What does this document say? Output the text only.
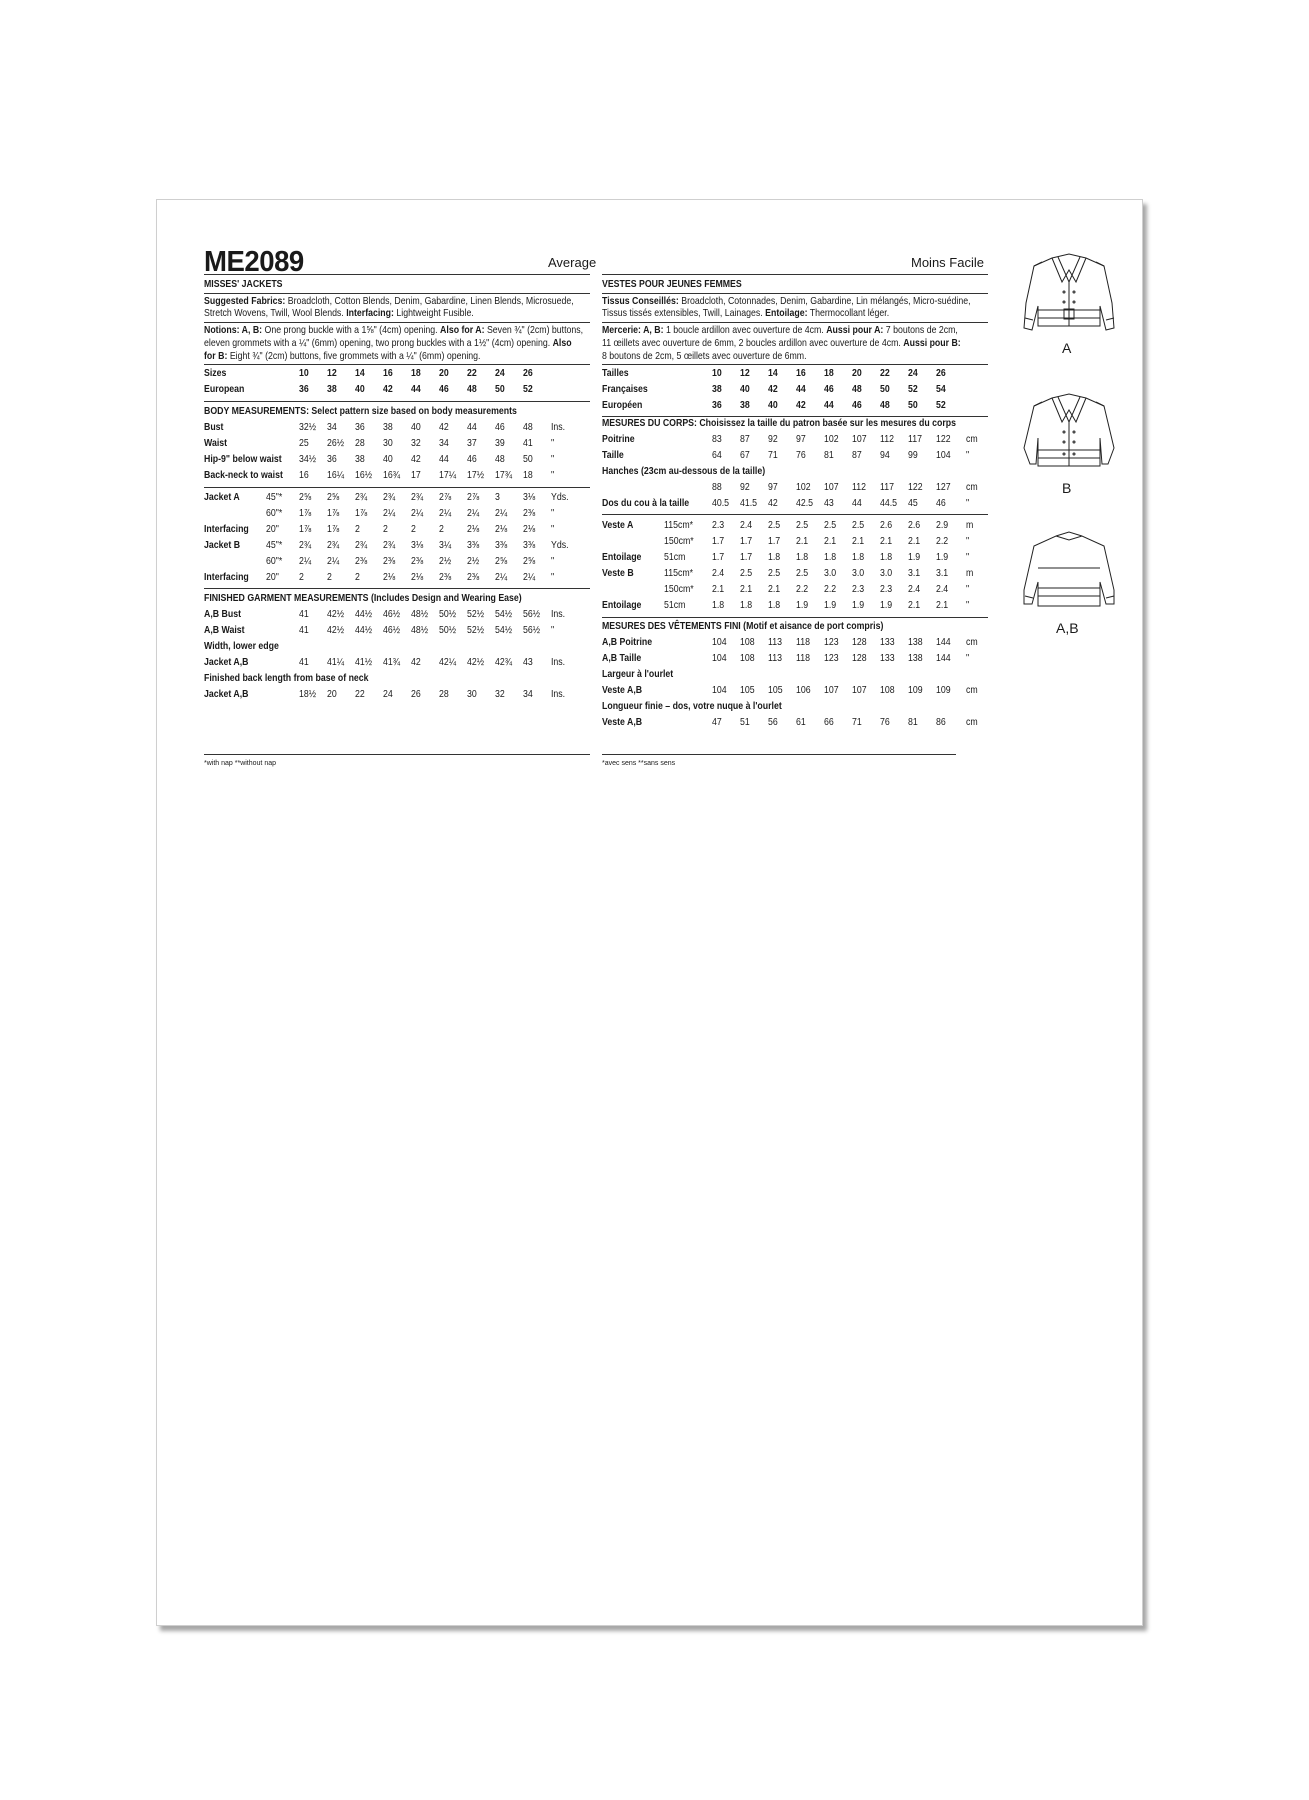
ME2089	Average	Moins Facile
MISSES' JACKETS
Suggested Fabrics: Broadcloth, Cotton Blends, Denim, Gabardine, Linen Blends, Microsuede,
Stretch Wovens, Twill, Wool Blends. Interfacing: Lightweight Fusible.
Notions: A, B: One prong buckle with a 1⅝" (4cm) opening. Also for A: Seven ¾" (2cm) buttons,
eleven grommets with a ¼" (6mm) opening, two prong buckles with a 1½" (4cm) opening. Also
for B: Eight ¾" (2cm) buttons, five grommets with a ¼" (6mm) opening.
VESTES POUR JEUNES FEMMES
Tissus Conseillés: Broadcloth, Cotonnades, Denim, Gabardine, Lin mélangés, Micro-suédine,
Tissus tissés extensibles, Twill, Lainages. Entoilage: Thermocollant léger.
Mercerie: A, B: 1 boucle ardillon avec ouverture de 4cm. Aussi pour A: 7 boutons de 2cm,
11 œillets avec ouverture de 6mm, 2 boucles ardillon avec ouverture de 4cm. Aussi pour B:
8 boutons de 2cm, 5 œillets avec ouverture de 6mm.
*with nap **without nap	*avec sens **sans sens
A
B
A,B
Sizes	10 12 14 16 18 20 22 24 26
European	36 38 40 42 44 46 48 50 52
BODY MEASUREMENTS: Select pattern size based on body measurements
Bust	32½ 34 36 38 40 42 44 46 48 Ins.
Waist	25 26½ 28 30 32 34 37 39 41 "
Hip-9" below waist 34½ 36 38 40 42 44 46 48 50 "
Back-neck to waist 16 16¼ 16½ 16¾ 17 17¼ 17½ 17¾ 18 "
Jacket A	45"* 2⅝ 2⅝ 2¾ 2¾ 2¾ 2⅞ 2⅞ 3 3⅛ Yds.
60"* 1⅞ 1⅞ 1⅞ 2¼ 2¼ 2¼ 2¼ 2¼ 2⅜ "
Interfacing 20" 1⅞ 1⅞ 2 2 2 2 2⅛ 2⅛ 2⅛ "
Jacket B	45"* 2¾ 2¾ 2¾ 2¾ 3⅛ 3¼ 3⅜ 3⅜ 3⅜ Yds.
60"* 2¼ 2¼ 2⅜ 2⅜ 2⅜ 2½ 2½ 2⅝ 2⅝ "
Interfacing 20" 2 2 2 2⅛ 2⅛ 2⅜ 2⅜ 2¼ 2¼ "
FINISHED GARMENT MEASUREMENTS (Includes Design and Wearing Ease)
A,B Bust	41 42½ 44½ 46½ 48½ 50½ 52½ 54½ 56½ Ins.
A,B Waist	41 42½ 44½ 46½ 48½ 50½ 52½ 54½ 56½ "
Width, lower edge
Jacket A,B	41 41¼ 41½ 41¾ 42 42¼ 42½ 42¾ 43 Ins.
Finished back length from base of neck
Jacket A,B	18½ 20 22 24 26 28 30 32 34 Ins.
Tailles	10 12 14 16 18 20 22 24 26
Françaises	38 40 42 44 46 48 50 52 54
Européen	36 38 40 42 44 46 48 50 52
MESURES DU CORPS: Choisissez la taille du patron basée sur les mesures du corps
Poitrine	83 87 92 97 102 107 112 117 122 cm
Taille	64 67 71 76 81 87 94 99 104 "
Hanches (23cm au-dessous de la taille)
88 92 97 102 107 112 117 122 127 cm
Dos du cou à la taille 40.5 41.5 42 42.5 43 44 44.5 45 46 "
Veste A	115cm* 2.3 2.4 2.5 2.5 2.5 2.5 2.6 2.6 2.9 m
150cm* 1.7 1.7 1.7 2.1 2.1 2.1 2.1 2.1 2.2 "
Entoilage 51cm	1.7 1.7 1.8 1.8 1.8 1.8 1.8 1.9 1.9 "
Veste B	115cm* 2.4 2.5 2.5 2.5 3.0 3.0 3.0 3.1 3.1 m
150cm* 2.1 2.1 2.1 2.2 2.2 2.3 2.3 2.4 2.4 "
Entoilage 51cm	1.8 1.8 1.8 1.9 1.9 1.9 1.9 2.1 2.1 "
MESURES DES VÊTEMENTS FINI (Motif et aisance de port compris)
A,B Poitrine	104 108 113 118 123 128 133 138 144 cm
A,B Taille	104 108 113 118 123 128 133 138 144 "
Largeur à l'ourlet
Veste A,B	104 105 105 106 107 107 108 109 109 cm
Longueur finie – dos, votre nuque à l'ourlet
Veste A,B	47 51 56 61 66 71 76 81 86 cm
